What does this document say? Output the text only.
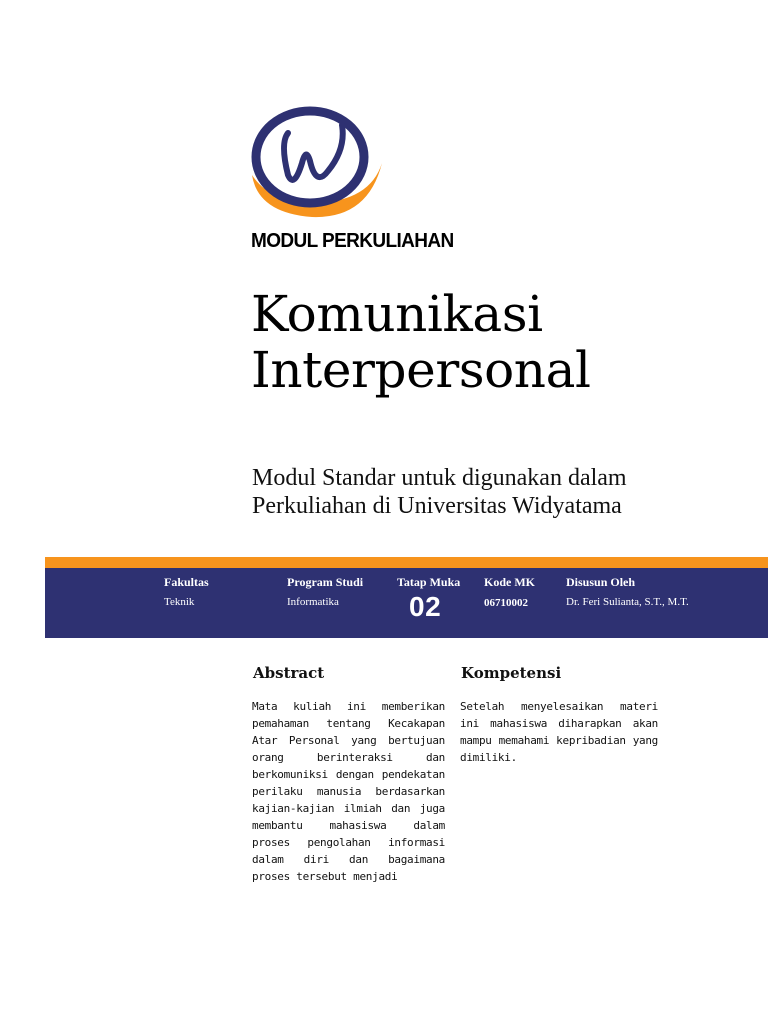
MODUL PERKULIAHAN
Komunikasi
Interpersonal

Modul Standar untuk digunakan dalam
Perkuliahan di Universitas Widyatama

Fakultas
Teknik
Program Studi
Informatika
Tatap Muka
02
Kode MK
06710002
Disusun Oleh
Dr. Feri Sulianta, S.T., M.T.
Abstract

Mata kuliah ini memberikan pemahaman tentang Kecakapan Atar Personal yang bertujuan orang berinteraksi dan berkomuniksi dengan pendekatan perilaku manusia berdasarkan kajian-kajian ilmiah dan juga membantu mahasiswa dalam proses pengolahan informasi dalam diri dan bagaimana proses tersebut menjadi

Kompetensi

Setelah menyelesaikan materi ini mahasiswa diharapkan akan mampu memahami kepribadian yang dimiliki.
